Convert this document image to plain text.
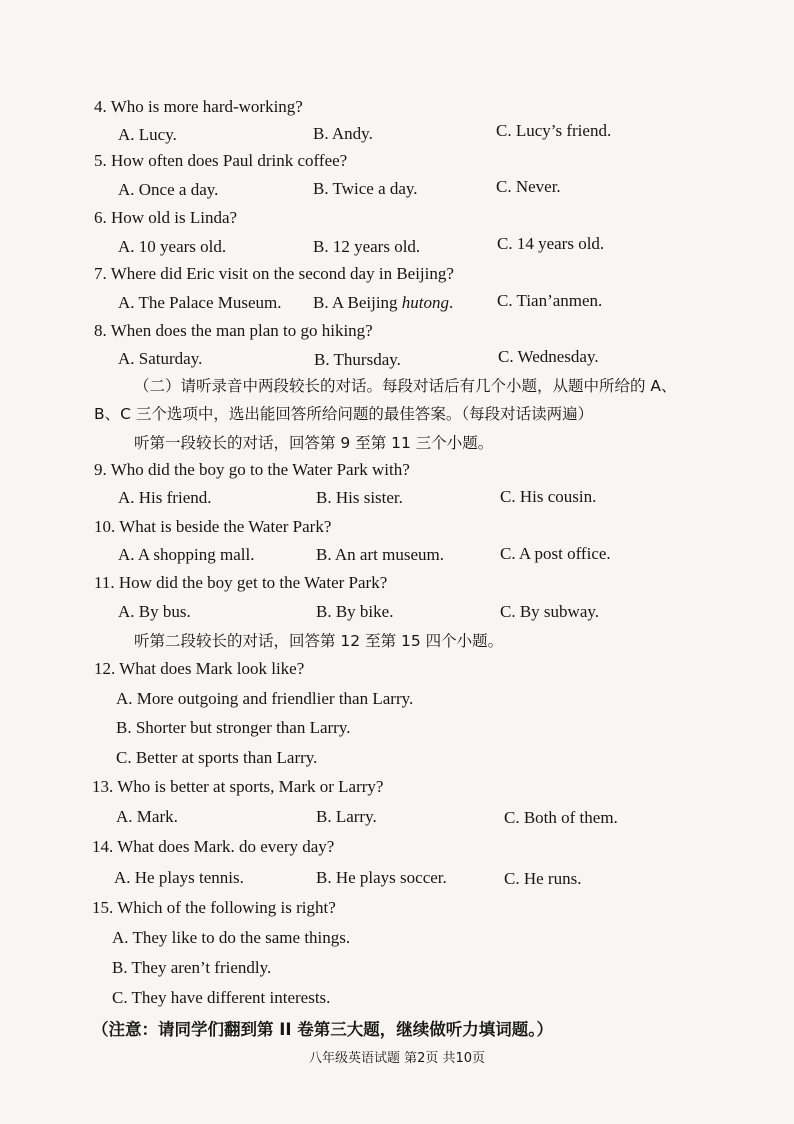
4. Who is more hard-working?
A. Lucy.	B. Andy.	C. Lucy’s friend.
5. How often does Paul drink coffee?
A. Once a day.	B. Twice a day.	C. Never.
6. How old is Linda?
A. 10 years old.	B. 12 years old.	C. 14 years old.
7. Where did Eric visit on the second day in Beijing?
A. The Palace Museum. B. A Beijing hutong.	C. Tian’anmen.
8. When does the man plan to go hiking?
A. Saturday.	B. Thursday.	C. Wednesday.
（二）请听录音中两段较长的对话。每段对话后有几个小题，从题中所给的 A、
B、C 三个选项中，选出能回答所给问题的最佳答案。（每段对话读两遍）
听第一段较长的对话，回答第 9 至第 11 三个小题。
9. Who did the boy go to the Water Park with?
A. His friend.	B. His sister.	C. His cousin.
10. What is beside the Water Park?
A. A shopping mall.	B. An art museum.	C. A post office.
11. How did the boy get to the Water Park?
A. By bus.	B. By bike.	C. By subway.
听第二段较长的对话，回答第 12 至第 15 四个小题。
12. What does Mark look like?
A. More outgoing and friendlier than Larry.
B. Shorter but stronger than Larry.
C. Better at sports than Larry.
13. Who is better at sports, Mark or Larry?
A. Mark.	B. Larry.	C. Both of them.
14. What does Mark. do every day?
A. He plays tennis.	B. He plays soccer.	C. He runs.
15. Which of the following is right?
A. They like to do the same things.
B. They aren’t friendly.
C. They have different interests.
（注意：请同学们翻到第 II 卷第三大题，继续做听力填词题。）
八年级英语试题 第2页 共10页
